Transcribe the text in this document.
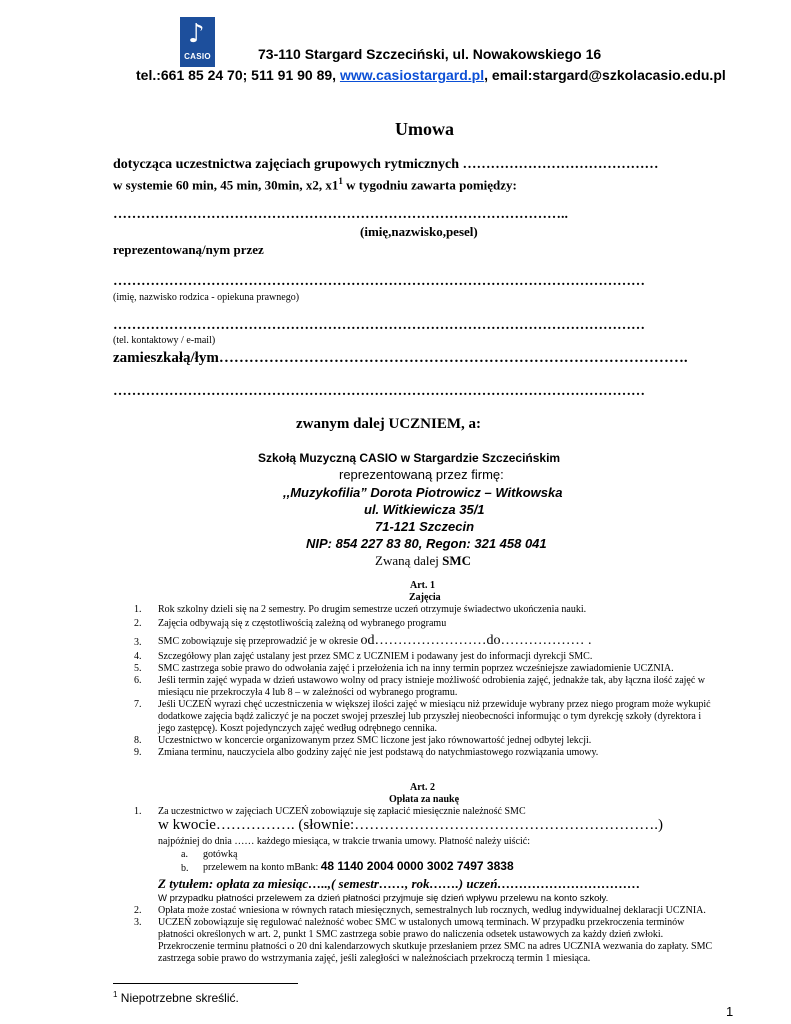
♪
CASIO	73-110 Stargard Szczeciński, ul. Nowakowskiego 16
tel.:661 85 24 70; 511 91 90 89, www.casiostargard.pl, email:stargard@szkolacasio.edu.pl
Umowa
dotycząca uczestnictwa zajęciach grupowych rytmicznych ……………………………………
w systemie 60 min, 45 min, 30min, x2, $x1^1$ w tygodniu zawarta pomiędzy:
……………………………………………………………………………………..
(imię,nazwisko,pesel)
reprezentowaną/nym przez
……………………………………………………………………………………………………
(imię, nazwisko rodzica - opiekuna prawnego)
……………………………………………………………………………………………………
(tel. kontaktowy / e-mail)
zamieszkałą/łym………………………………………………………………………………….
……………………………………………………………………………………………………
zwanym dalej UCZNIEM, a:
Szkołą Muzyczną CASIO w Stargardzie Szczecińskim
reprezentowaną przez firmę:
,,Muzykofilia” Dorota Piotrowicz – Witkowska
ul. Witkiewicza 35/1
71-121 Szczecin
NIP: 854 227 83 80, Regon: 321 458 041
Zwaną dalej SMC
Art. 1
Zajęcia
1. Rok szkolny dzieli się na 2 semestry. Po drugim semestrze uczeń otrzymuje świadectwo ukończenia nauki.
2. Zajęcia odbywają się z częstotliwością zależną od wybranego programu
3. SMC zobowiązuje się przeprowadzić je w okresie od……………………do……………… .
4. Szczegółowy plan zajęć ustalany jest przez SMC z UCZNIEM i podawany jest do informacji dyrekcji SMC.
5. SMC zastrzega sobie prawo do odwołania zajęć i przełożenia ich na inny termin poprzez wcześniejsze zawiadomienie UCZNIA.
6. Jeśli termin zajęć wypada w dzień ustawowo wolny od pracy istnieje możliwość odrobienia zajęć, jednakże tak, aby łączna ilość zajęć w
miesiącu nie przekroczyła 4 lub 8 – w zależności od wybranego programu.
7. Jeśli UCZEŃ wyrazi chęć uczestniczenia w większej ilości zajęć w miesiącu niż przewiduje wybrany przez niego program może wykupić
dodatkowe zajęcia bądź zaliczyć je na poczet swojej przeszłej lub przyszłej nieobecności informując o tym dyrekcję szkoły (dyrektora i
jego zastępcę). Koszt pojedynczych zajęć według odrębnego cennika.
8. Uczestnictwo w koncercie organizowanym przez SMC liczone jest jako równowartość jednej odbytej lekcji.
9. Zmiana terminu, nauczyciela albo godziny zajęć nie jest podstawą do natychmiastowego rozwiązania umowy.
Art. 2
Opłata za naukę
1. Za uczestnictwo w zajęciach UCZEŃ zobowiązuje się zapłacić miesięcznie należność SMC
w kwocie……………. (słownie:…………………………………………………….)
najpóźniej do dnia …… każdego miesiąca, w trakcie trwania umowy. Płatność należy uiścić:
a. gotówką
b. przelewem na konto mBank: 48 1140 2004 0000 3002 7497 3838
Z tytułem: opłata za miesiąc…..,( semestr……, rok…….) uczeń……………………………
W przypadku płatności przelewem za dzień płatności przyjmuje się dzień wpływu przelewu na konto szkoły.
2. Opłata może zostać wniesiona w równych ratach miesięcznych, semestralnych lub rocznych, według indywidualnej deklaracji UCZNIA.
3. UCZEŃ zobowiązuje się regulować należność wobec SMC w ustalonych umową terminach. W przypadku przekroczenia terminów
płatności określonych w art. 2, punkt 1 SMC zastrzega sobie prawo do naliczenia odsetek ustawowych za każdy dzień zwłoki.
Przekroczenie terminu płatności o 20 dni kalendarzowych skutkuje przesłaniem przez SMC na adres UCZNIA wezwania do zapłaty. SMC
zastrzega sobie prawo do wstrzymania zajęć, jeśli zaległości w należnościach przekroczą termin 1 miesiąca.
$^1$ Niepotrzebne skreślić.
1
